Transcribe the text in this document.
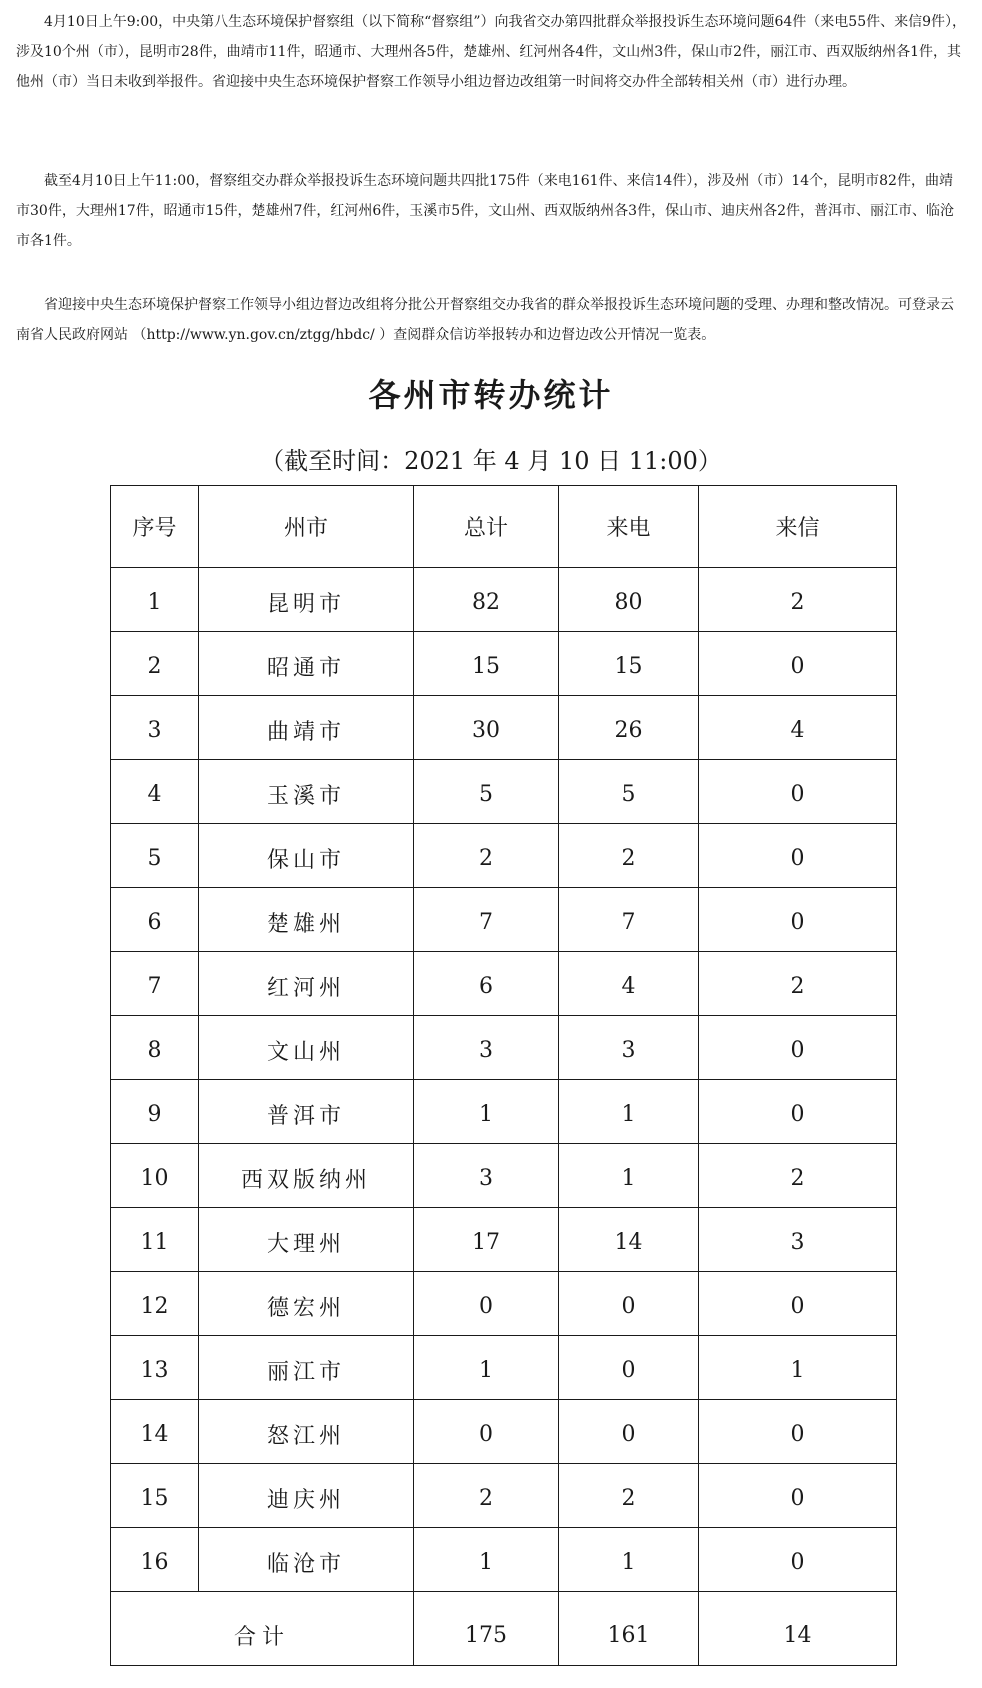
4月10日上午9:00，中央第八生态环境保护督察组（以下简称“督察组”）向我省交办第四批群众举报投诉生态环境问题64件（来电55件、来信9件），涉及10个州（市），昆明市28件，曲靖市11件，昭通市、大理州各5件，楚雄州、红河州各4件，文山州3件，保山市2件，丽江市、西双版纳州各1件，其他州（市）当日未收到举报件。省迎接中央生态环境保护督察工作领导小组边督边改组第一时间将交办件全部转相关州（市）进行办理。

截至4月10日上午11:00，督察组交办群众举报投诉生态环境问题共四批175件（来电161件、来信14件），涉及州（市）14个，昆明市82件，曲靖市30件，大理州17件，昭通市15件，楚雄州7件，红河州6件，玉溪市5件，文山州、西双版纳州各3件，保山市、迪庆州各2件，普洱市、丽江市、临沧市各1件。

省迎接中央生态环境保护督察工作领导小组边督边改组将分批公开督察组交办我省的群众举报投诉生态环境问题的受理、办理和整改情况。可登录云南省人民政府网站 （http://www.yn.gov.cn/ztgg/hbdc/ ）查阅群众信访举报转办和边督边改公开情况一览表。

各州市转办统计
（截至时间：2021 年 4 月 10 日 11:00）
序号	州市	总计	来电	来信
1	昆明市	82	80	2
2	昭通市	15	15	0
3	曲靖市	30	26	4
4	玉溪市	5	5	0
5	保山市	2	2	0
6	楚雄州	7	7	0
7	红河州	6	4	2
8	文山州	3	3	0
9	普洱市	1	1	0
10	西双版纳州	3	1	2
11	大理州	17	14	3
12	德宏州	0	0	0
13	丽江市	1	0	1
14	怒江州	0	0	0
15	迪庆州	2	2	0
16	临沧市	1	1	0
合计		175	161	14
